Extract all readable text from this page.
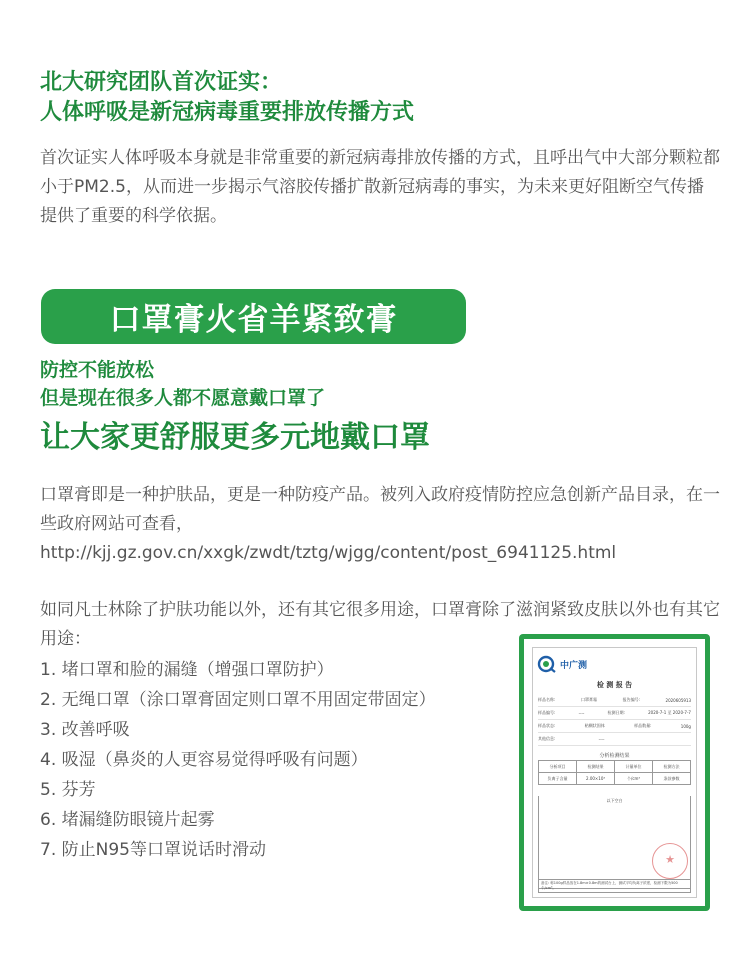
北大研究团队首次证实：
人体呼吸是新冠病毒重要排放传播方式

首次证实人体呼吸本身就是非常重要的新冠病毒排放传播的方式，且呼出气中大部分颗粒都小于PM2.5，从而进一步揭示气溶胶传播扩散新冠病毒的事实，为未来更好阻断空气传播提供了重要的科学依据。

口罩膏火省羊紧致膏
防控不能放松
但是现在很多人都不愿意戴口罩了
让大家更舒服更多元地戴口罩
口罩膏即是一种护肤品，更是一种防疫产品。被列入政府疫情防控应急创新产品目录，在一些政府网站可查看，
http://kjj.gz.gov.cn/xxgk/zwdt/tztg/wjgg/content/post_6941125.html

如同凡士林除了护肤功能以外，还有其它很多用途，口罩膏除了滋润紧致皮肤以外也有其它用途：

1. 堵口罩和脸的漏缝（增强口罩防护）
2. 无绳口罩（涂口罩膏固定则口罩不用固定带固定）
3. 改善呼吸
4. 吸湿（鼻炎的人更容易觉得呼吸有问题）
5. 芬芳
6. 堵漏缝防眼镜片起雾
7. 防止N95等口罩说话时滑动
中广测
检 测 报 告
样品名称:	口罩膏霜	报告编号:	2020605913
样品编号:	----	检测日期:	2020-7-1 至 2020-7-7
样品状态:	粘稠状固体	样品数量:	100g
其他信息:	----
分析检测结果
分析项目	检测结果	计量单位	检测方法
负离子含量	2.00×10³	个/cm³	条款参数
以下空白
★
备注: 称100g样品放在1.8m×0.8m的测试台上，测试平均负离子浓度，检测下限为500个/cm³。
